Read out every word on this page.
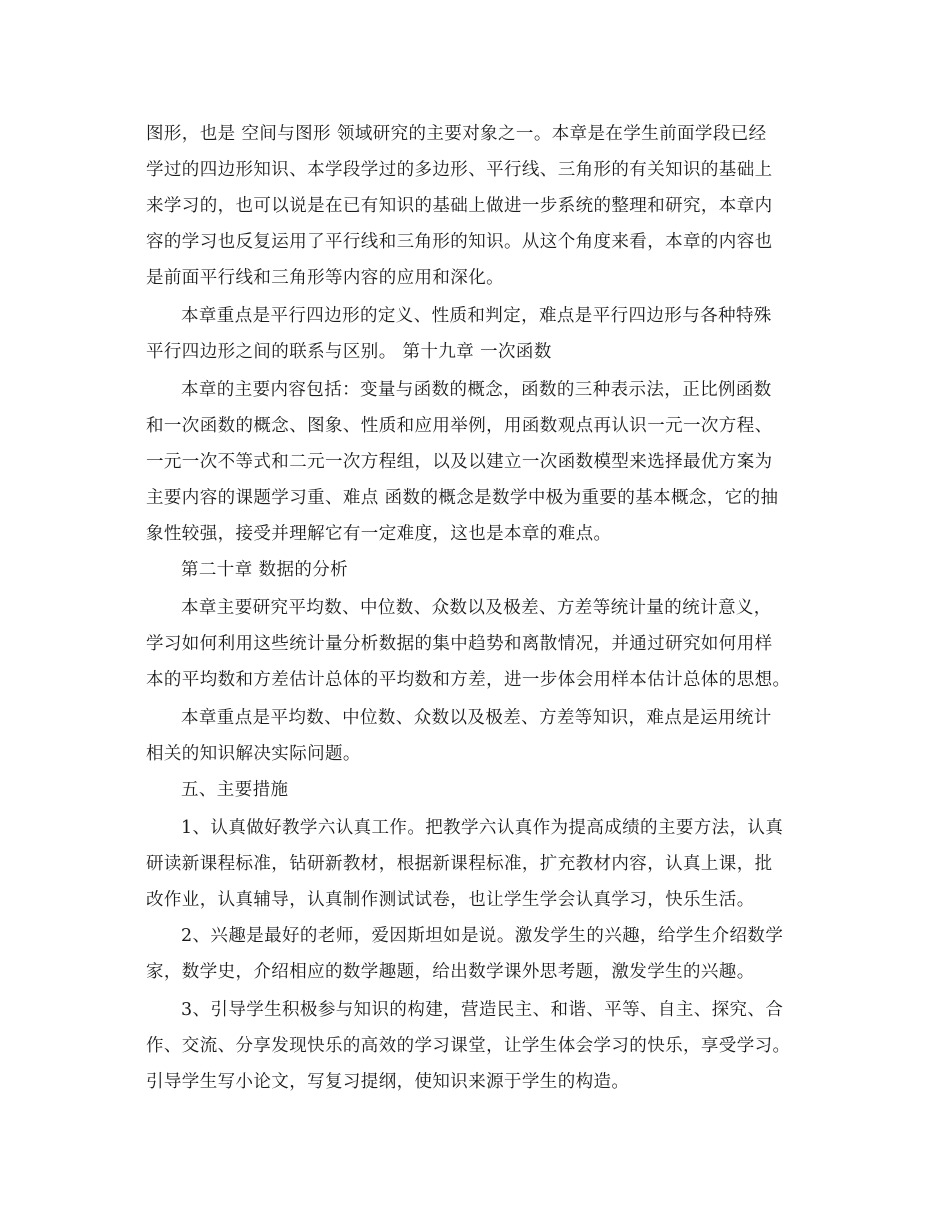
图形，也是 空间与图形 领域研究的主要对象之一。本章是在学生前面学段已经
学过的四边形知识、本学段学过的多边形、平行线、三角形的有关知识的基础上
来学习的，也可以说是在已有知识的基础上做进一步系统的整理和研究，本章内
容的学习也反复运用了平行线和三角形的知识。从这个角度来看，本章的内容也
是前面平行线和三角形等内容的应用和深化。
本章重点是平行四边形的定义、性质和判定，难点是平行四边形与各种特殊
平行四边形之间的联系与区别。 第十九章 一次函数
本章的主要内容包括：变量与函数的概念，函数的三种表示法，正比例函数
和一次函数的概念、图象、性质和应用举例，用函数观点再认识一元一次方程、
一元一次不等式和二元一次方程组，以及以建立一次函数模型来选择最优方案为
主要内容的课题学习重、难点 函数的概念是数学中极为重要的基本概念，它的抽
象性较强，接受并理解它有一定难度，这也是本章的难点。
第二十章 数据的分析
本章主要研究平均数、中位数、众数以及极差、方差等统计量的统计意义，
学习如何利用这些统计量分析数据的集中趋势和离散情况，并通过研究如何用样
本的平均数和方差估计总体的平均数和方差，进一步体会用样本估计总体的思想。
本章重点是平均数、中位数、众数以及极差、方差等知识，难点是运用统计
相关的知识解决实际问题。
五、主要措施
1、认真做好教学六认真工作。把教学六认真作为提高成绩的主要方法，认真
研读新课程标准，钻研新教材，根据新课程标准，扩充教材内容，认真上课，批
改作业，认真辅导，认真制作测试试卷，也让学生学会认真学习，快乐生活。
2、兴趣是最好的老师，爱因斯坦如是说。激发学生的兴趣，给学生介绍数学
家，数学史，介绍相应的数学趣题，给出数学课外思考题，激发学生的兴趣。
3、引导学生积极参与知识的构建，营造民主、和谐、平等、自主、探究、合
作、交流、分享发现快乐的高效的学习课堂，让学生体会学习的快乐，享受学习。
引导学生写小论文，写复习提纲，使知识来源于学生的构造。
